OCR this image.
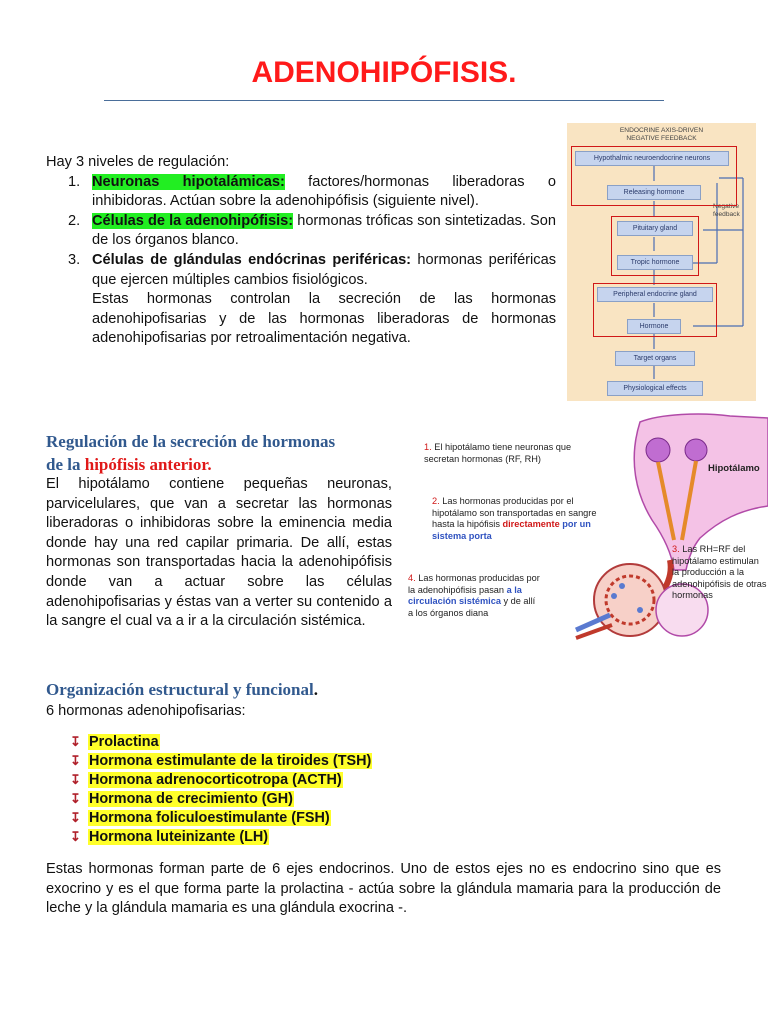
ADENOHIPÓFISIS.
Hay 3 niveles de regulación:
1. Neuronas hipotalámicas: factores/hormonas liberadoras o inhibidoras. Actúan sobre la adenohipófisis (siguiente nivel).
2. Células de la adenohipófisis: hormonas tróficas son sintetizadas. Son de los órganos blanco.
3. Células de glándulas endócrinas periféricas: hormonas periféricas que ejercen múltiples cambios fisiológicos.
Estas hormonas controlan la secreción de las hormonas adenohipofisarias y de las hormonas liberadoras de hormonas adenohipofisarias por retroalimentación negativa.
ENDOCRINE AXIS-DRIVEN
NEGATIVE FEEDBACK
Hypothalmic neuroendocrine neurons
Releasing hormone
Pituitary gland
Tropic hormone
Peripheral endocrine gland
Hormone
Target organs
Physiological effects
Negative
feedback
Regulación de la secreción de hormonas
de la hipófisis anterior.
El hipotálamo contiene pequeñas neuronas, parvicelulares, que van a secretar las hormonas liberadoras o inhibidoras sobre la eminencia media donde hay una red capilar primaria. De allí, estas hormonas son transportadas hacia la adenohipófisis donde van a actuar sobre las células adenohipofisarias y éstas van a verter su contenido a la sangre el cual va a ir a la circulación sistémica.
Hipotálamo
1. El hipotálamo tiene neuronas que secretan hormonas (RF, RH)
2. Las hormonas producidas por el hipotálamo son transportadas en sangre hasta la hipófisis directamente por un sistema porta
3. Las RH=RF del hipotálamo estimulan la producción a la adenohipófisis de otras hormonas
4. Las hormonas producidas por la adenohipófisis pasan a la circulación sistémica y de allí a los órganos diana
Organización estructural y funcional.
6 hormonas adenohipofisarias:
↧ Prolactina
↧ Hormona estimulante de la tiroides (TSH)
↧ Hormona adrenocorticotropa (ACTH)
↧ Hormona de crecimiento (GH)
↧ Hormona foliculoestimulante (FSH)
↧ Hormona luteinizante (LH)
Estas hormonas forman parte de 6 ejes endocrinos. Uno de estos ejes no es endocrino sino que es exocrino y es el que forma parte la prolactina - actúa sobre la glándula mamaria para la producción de leche y la glándula mamaria es una glándula exocrina -.
